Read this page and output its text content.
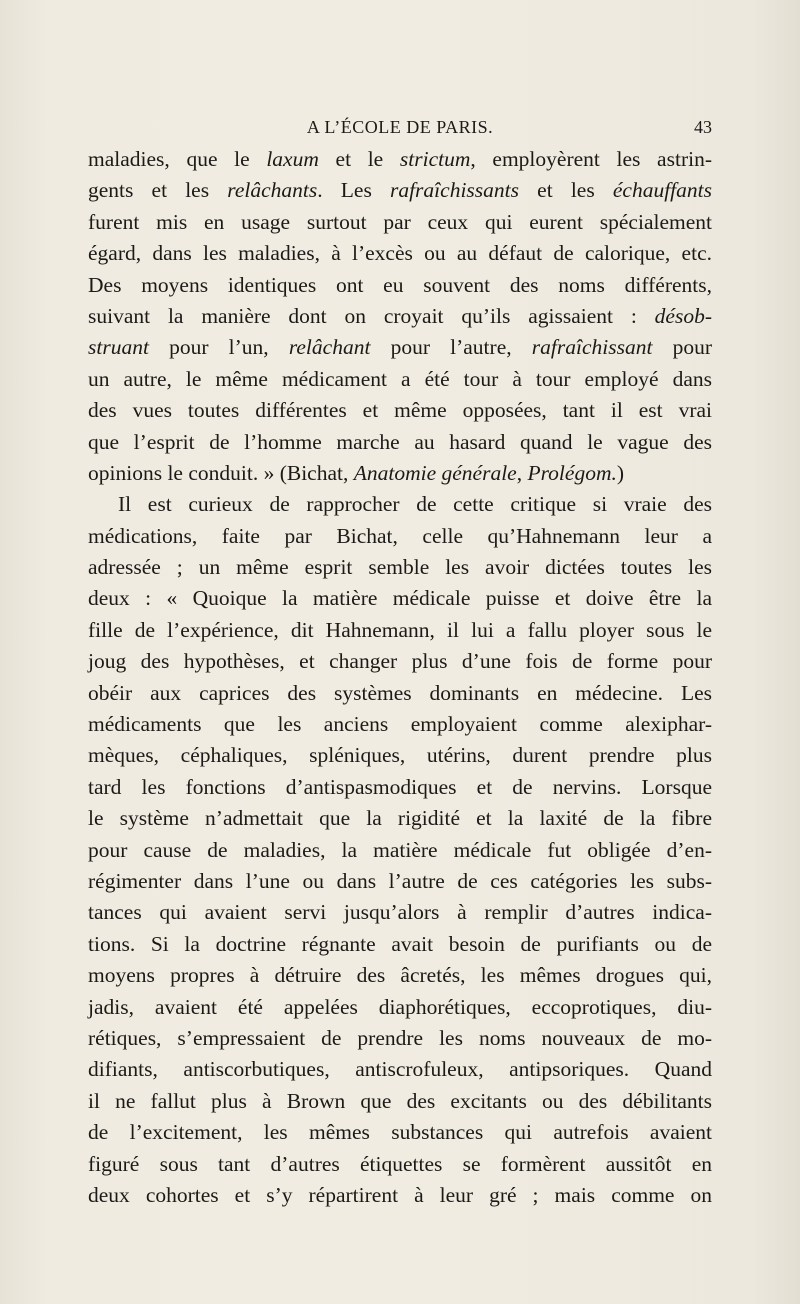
A L’ÉCOLE DE PARIS.	43
maladies, que le laxum et le strictum, employèrent les astrin-
gents et les relâchants. Les rafraîchissants et les échauffants
furent mis en usage surtout par ceux qui eurent spécialement
égard, dans les maladies, à l’excès ou au défaut de calorique, etc.
Des moyens identiques ont eu souvent des noms différents,
suivant la manière dont on croyait qu’ils agissaient : désob-
struant pour l’un, relâchant pour l’autre, rafraîchissant pour
un autre, le même médicament a été tour à tour employé dans
des vues toutes différentes et même opposées, tant il est vrai
que l’esprit de l’homme marche au hasard quand le vague des
opinions le conduit. » (Bichat, Anatomie générale, Prolégom.)
Il est curieux de rapprocher de cette critique si vraie des
médications, faite par Bichat, celle qu’Hahnemann leur a
adressée ; un même esprit semble les avoir dictées toutes les
deux : « Quoique la matière médicale puisse et doive être la
fille de l’expérience, dit Hahnemann, il lui a fallu ployer sous le
joug des hypothèses, et changer plus d’une fois de forme pour
obéir aux caprices des systèmes dominants en médecine. Les
médicaments que les anciens employaient comme alexiphar-
mèques, céphaliques, spléniques, utérins, durent prendre plus
tard les fonctions d’antispasmodiques et de nervins. Lorsque
le système n’admettait que la rigidité et la laxité de la fibre
pour cause de maladies, la matière médicale fut obligée d’en-
régimenter dans l’une ou dans l’autre de ces catégories les subs-
tances qui avaient servi jusqu’alors à remplir d’autres indica-
tions. Si la doctrine régnante avait besoin de purifiants ou de
moyens propres à détruire des âcretés, les mêmes drogues qui,
jadis, avaient été appelées diaphorétiques, eccoprotiques, diu-
rétiques, s’empressaient de prendre les noms nouveaux de mo-
difiants, antiscorbutiques, antiscrofuleux, antipsoriques. Quand
il ne fallut plus à Brown que des excitants ou des débilitants
de l’excitement, les mêmes substances qui autrefois avaient
figuré sous tant d’autres étiquettes se formèrent aussitôt en
deux cohortes et s’y répartirent à leur gré ; mais comme on
